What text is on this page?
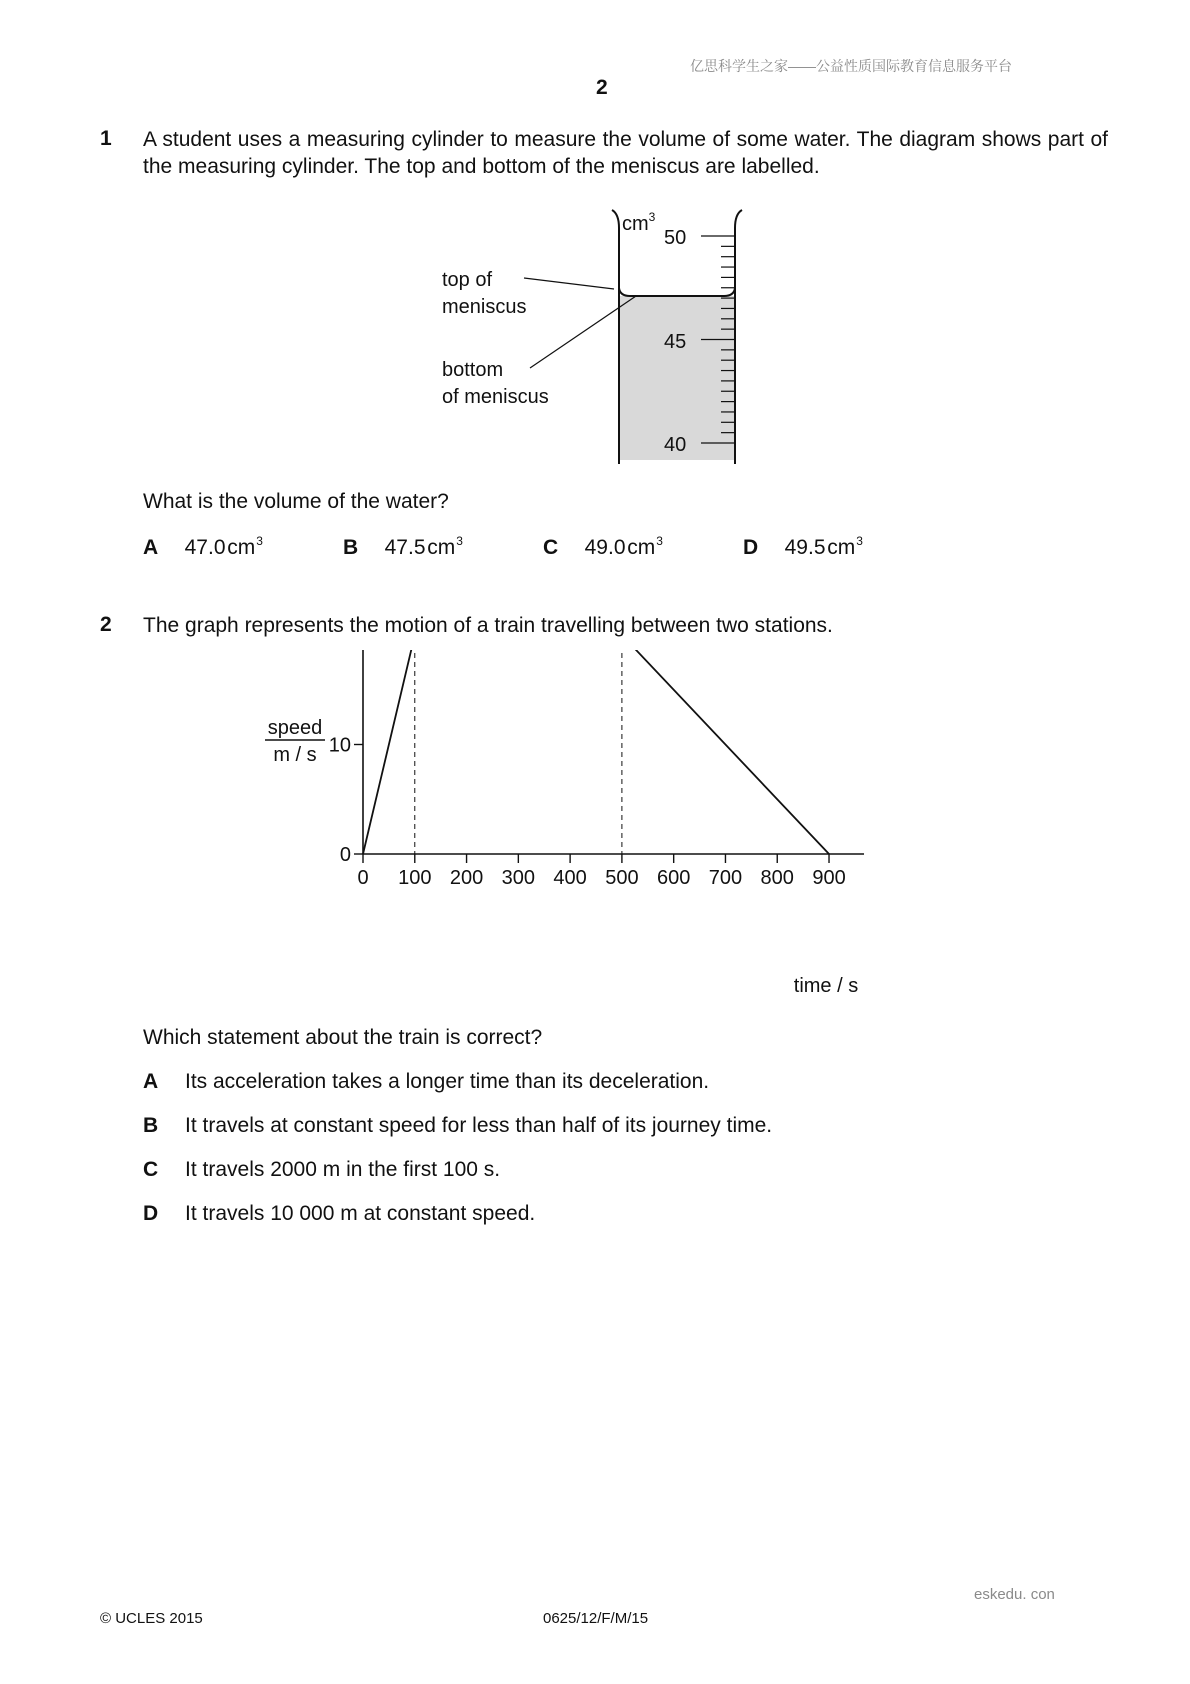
亿思科学生之家——公益性质国际教育信息服务平台
2
1 A student uses a measuring cylinder to measure the volume of some water. The diagram shows part of the measuring cylinder. The top and bottom of the meniscus are labelled.
50
45
40
$cm^3$
top of
meniscus
bottom
of meniscus
What is the volume of the water?
A 47.0 $cm^3$	B 47.5 $cm^3$	C 49.0 $cm^3$	D 49.5 $cm^3$
2 The graph represents the motion of a train travelling between two stations.
0 100 200 300 400 500 600 700 800 900
0
10
speed
m / s
time / s
Which statement about the train is correct?
A Its acceleration takes a longer time than its deceleration.
B It travels at constant speed for less than half of its journey time.
C It travels 2000 m in the first 100 s.
D It travels 10 000 m at constant speed.
eskedu. con
© UCLES 2015	0625/12/F/M/15
